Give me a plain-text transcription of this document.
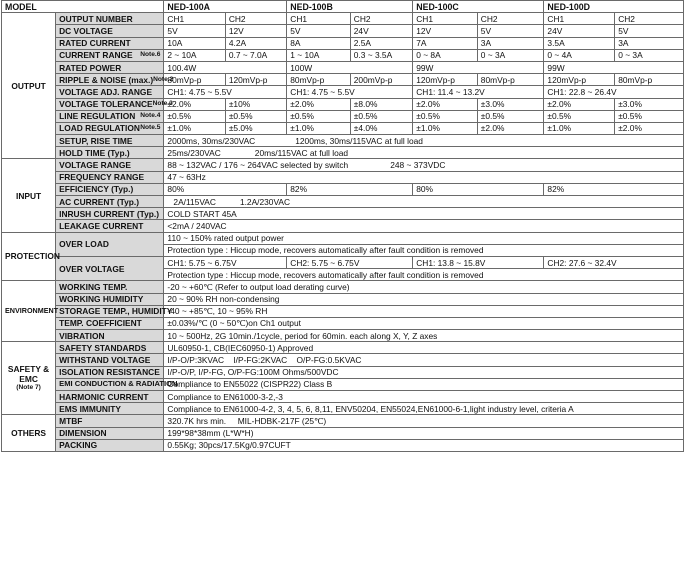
MODEL		NED-100A		NED-100B		NED-100C		NED-100D	
OUTPUT	OUTPUT NUMBER	CH1	CH2	CH1	CH2	CH1	CH2	CH1	CH2
	DC VOLTAGE	5V	12V	5V	24V	12V	5V	24V	5V
	RATED CURRENT	10A	4.2A	8A	2.5A	7A	3A	3.5A	3A

	CURRENT RANGE Note.6	2 ~ 10A	0.7 ~ 7.0A	1 ~ 10A	0.3 ~ 3.5A	0 ~ 8A	0 ~ 3A	0 ~ 4A	0 ~ 3A
	RATED POWER	100.4W		100W		99W		99W	

	RIPPLE & NOISE (max.) Note.2	80mVp-p	120mVp-p	80mVp-p	200mVp-p	120mVp-p	80mVp-p	120mVp-p	80mVp-p
	VOLTAGE ADJ. RANGE	CH1: 4.75 ~ 5.5V		CH1: 4.75 ~ 5.5V		CH1: 11.4 ~ 13.2V		CH1: 22.8 ~ 26.4V	

	VOLTAGE TOLERANCE Note.3	±2.0%	±10%	±2.0%	±8.0%	±2.0%	±3.0%	±2.0%	±3.0%

	LINE REGULATION Note.4	±0.5%	±0.5%	±0.5%	±0.5%	±0.5%	±0.5%	±0.5%	±0.5%

	LOAD REGULATION Note.5	±1.0%	±5.0%	±1.0%	±4.0%	±1.0%	±2.0%	±1.0%	±2.0%
	SETUP, RISE TIME	2000ms, 30ms/230VAC 1200ms, 30ms/115VAC at full load							
	HOLD TIME (Typ.)	25ms/230VAC 20ms/115VAC at full load							
INPUT	VOLTAGE RANGE	88 ~ 132VAC / 176 ~ 264VAC selected by switch 248 ~ 373VDC							
	FREQUENCY RANGE	47 ~ 63Hz							
	EFFICIENCY (Typ.)	80%		82%		80%		82%	
	AC CURRENT (Typ.)	2A/115VAC 1.2A/230VAC							
	INRUSH CURRENT (Typ.)	COLD START 45A							
	LEAKAGE CURRENT	<2mA / 240VAC							
PROTECTION	OVER LOAD	110 ~ 150% rated output power							
		Protection type : Hiccup mode, recovers automatically after fault condition is removed							
	OVER VOLTAGE	CH1: 5.75 ~ 6.75V		CH2: 5.75 ~ 6.75V		CH1: 13.8 ~ 15.8V		CH2: 27.6 ~ 32.4V	
		Protection type : Hiccup mode, recovers automatically after fault condition is removed							
ENVIRONMENT	WORKING TEMP.	-20 ~ +60℃ (Refer to output load derating curve)							
	WORKING HUMIDITY	20 ~ 90% RH non-condensing							
	STORAGE TEMP., HUMIDITY	-40 ~ +85℃, 10 ~ 95% RH							
	TEMP. COEFFICIENT	±0.03%/℃ (0 ~ 50℃)on Ch1 output							
	VIBRATION	10 ~ 500Hz, 2G 10min./1cycle, period for 60min. each along X, Y, Z axes							
SAFETY &
EMC
(Note 7)	SAFETY STANDARDS	UL60950-1, CB(IEC60950-1) Approved							
	WITHSTAND VOLTAGE	I/P-O/P:3KVAC    I/P-FG:2KVAC    O/P-FG:0.5KVAC							
	ISOLATION RESISTANCE	I/P-O/P, I/P-FG, O/P-FG:100M Ohms/500VDC							
	EMI CONDUCTION & RADIATION	Compliance to EN55022 (CISPR22) Class B							
	HARMONIC CURRENT	Compliance to EN61000-3-2,-3							
	EMS IMMUNITY	Compliance to EN61000-4-2, 3, 4, 5, 6, 8,11, ENV50204, EN55024,EN61000-6-1,light industry level, criteria A							
OTHERS	MTBF	320.7K hrs min.     MIL-HDBK-217F (25℃)							
	DIMENSION	199*98*38mm (L*W*H)							
	PACKING	0.55Kg; 30pcs/17.5Kg/0.97CUFT							
